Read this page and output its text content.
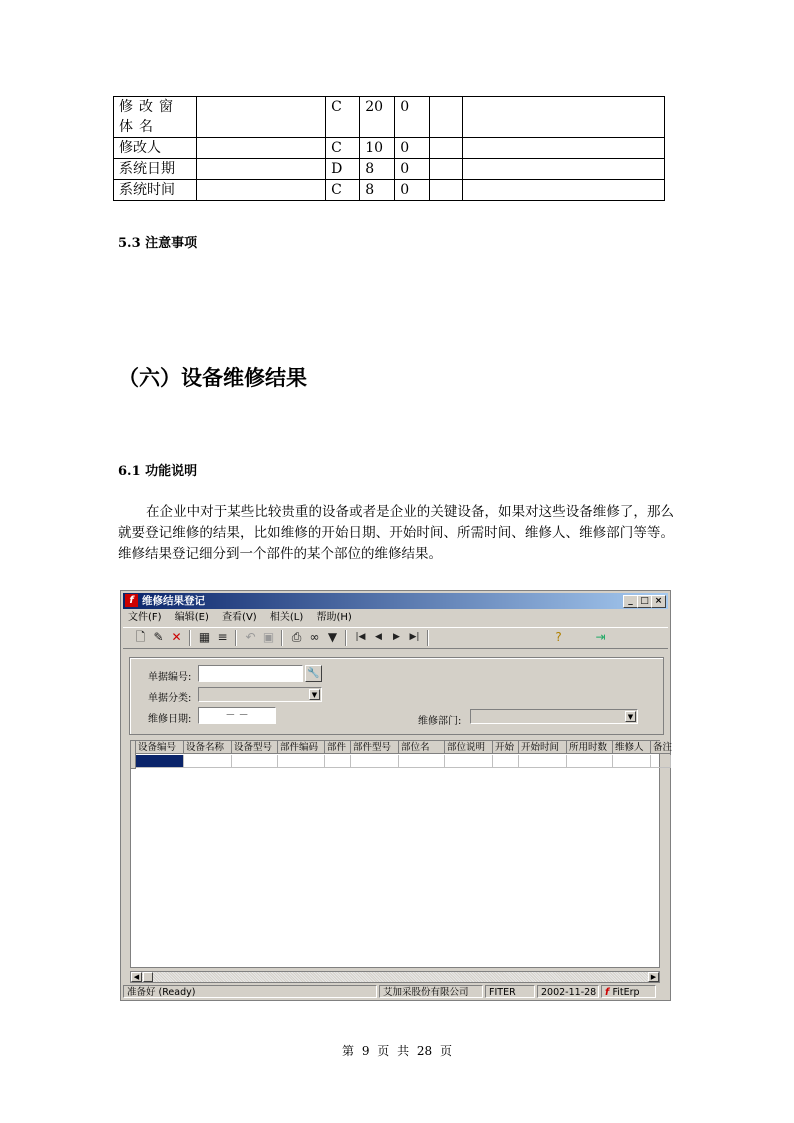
修改窗体名		C	20	0		
修改人		C	10	0		
系统日期		D	8	0		
系统时间		C	8	0		
5.3 注意事项
（六）设备维修结果
6.1 功能说明
在企业中对于某些比较贵重的设备或者是企业的关键设备，如果对这些设备维修了，那么就要登记维修的结果，比如维修的开始日期、开始时间、所需时间、维修人、维修部门等等。维修结果登记细分到一个部件的某个部位的维修结果。
f 维修结果登记	_ □ ×
文件(F) 编辑(E) 查看(V) 相关(L) 帮助(H)
🗋 ✎ ✕ ▦ ≡ ↶ ▣ ⎙ ∞ ▼	|◀	◀	▶	▶|	?	⇥
单据编号:	🔧
单据分类:	▼
维修日期:	－ －
维修部门:	▼
设备编号	设备名称	设备型号 部件编码 部件 部件型号	部位名	部位说明	开始 开始时间	所用时数 维修人 备注
◀	▶
准备好 (Ready)	艾加采股份有限公司	FITER	2002-11-28 f FitErp
第 9 页 共 28 页
